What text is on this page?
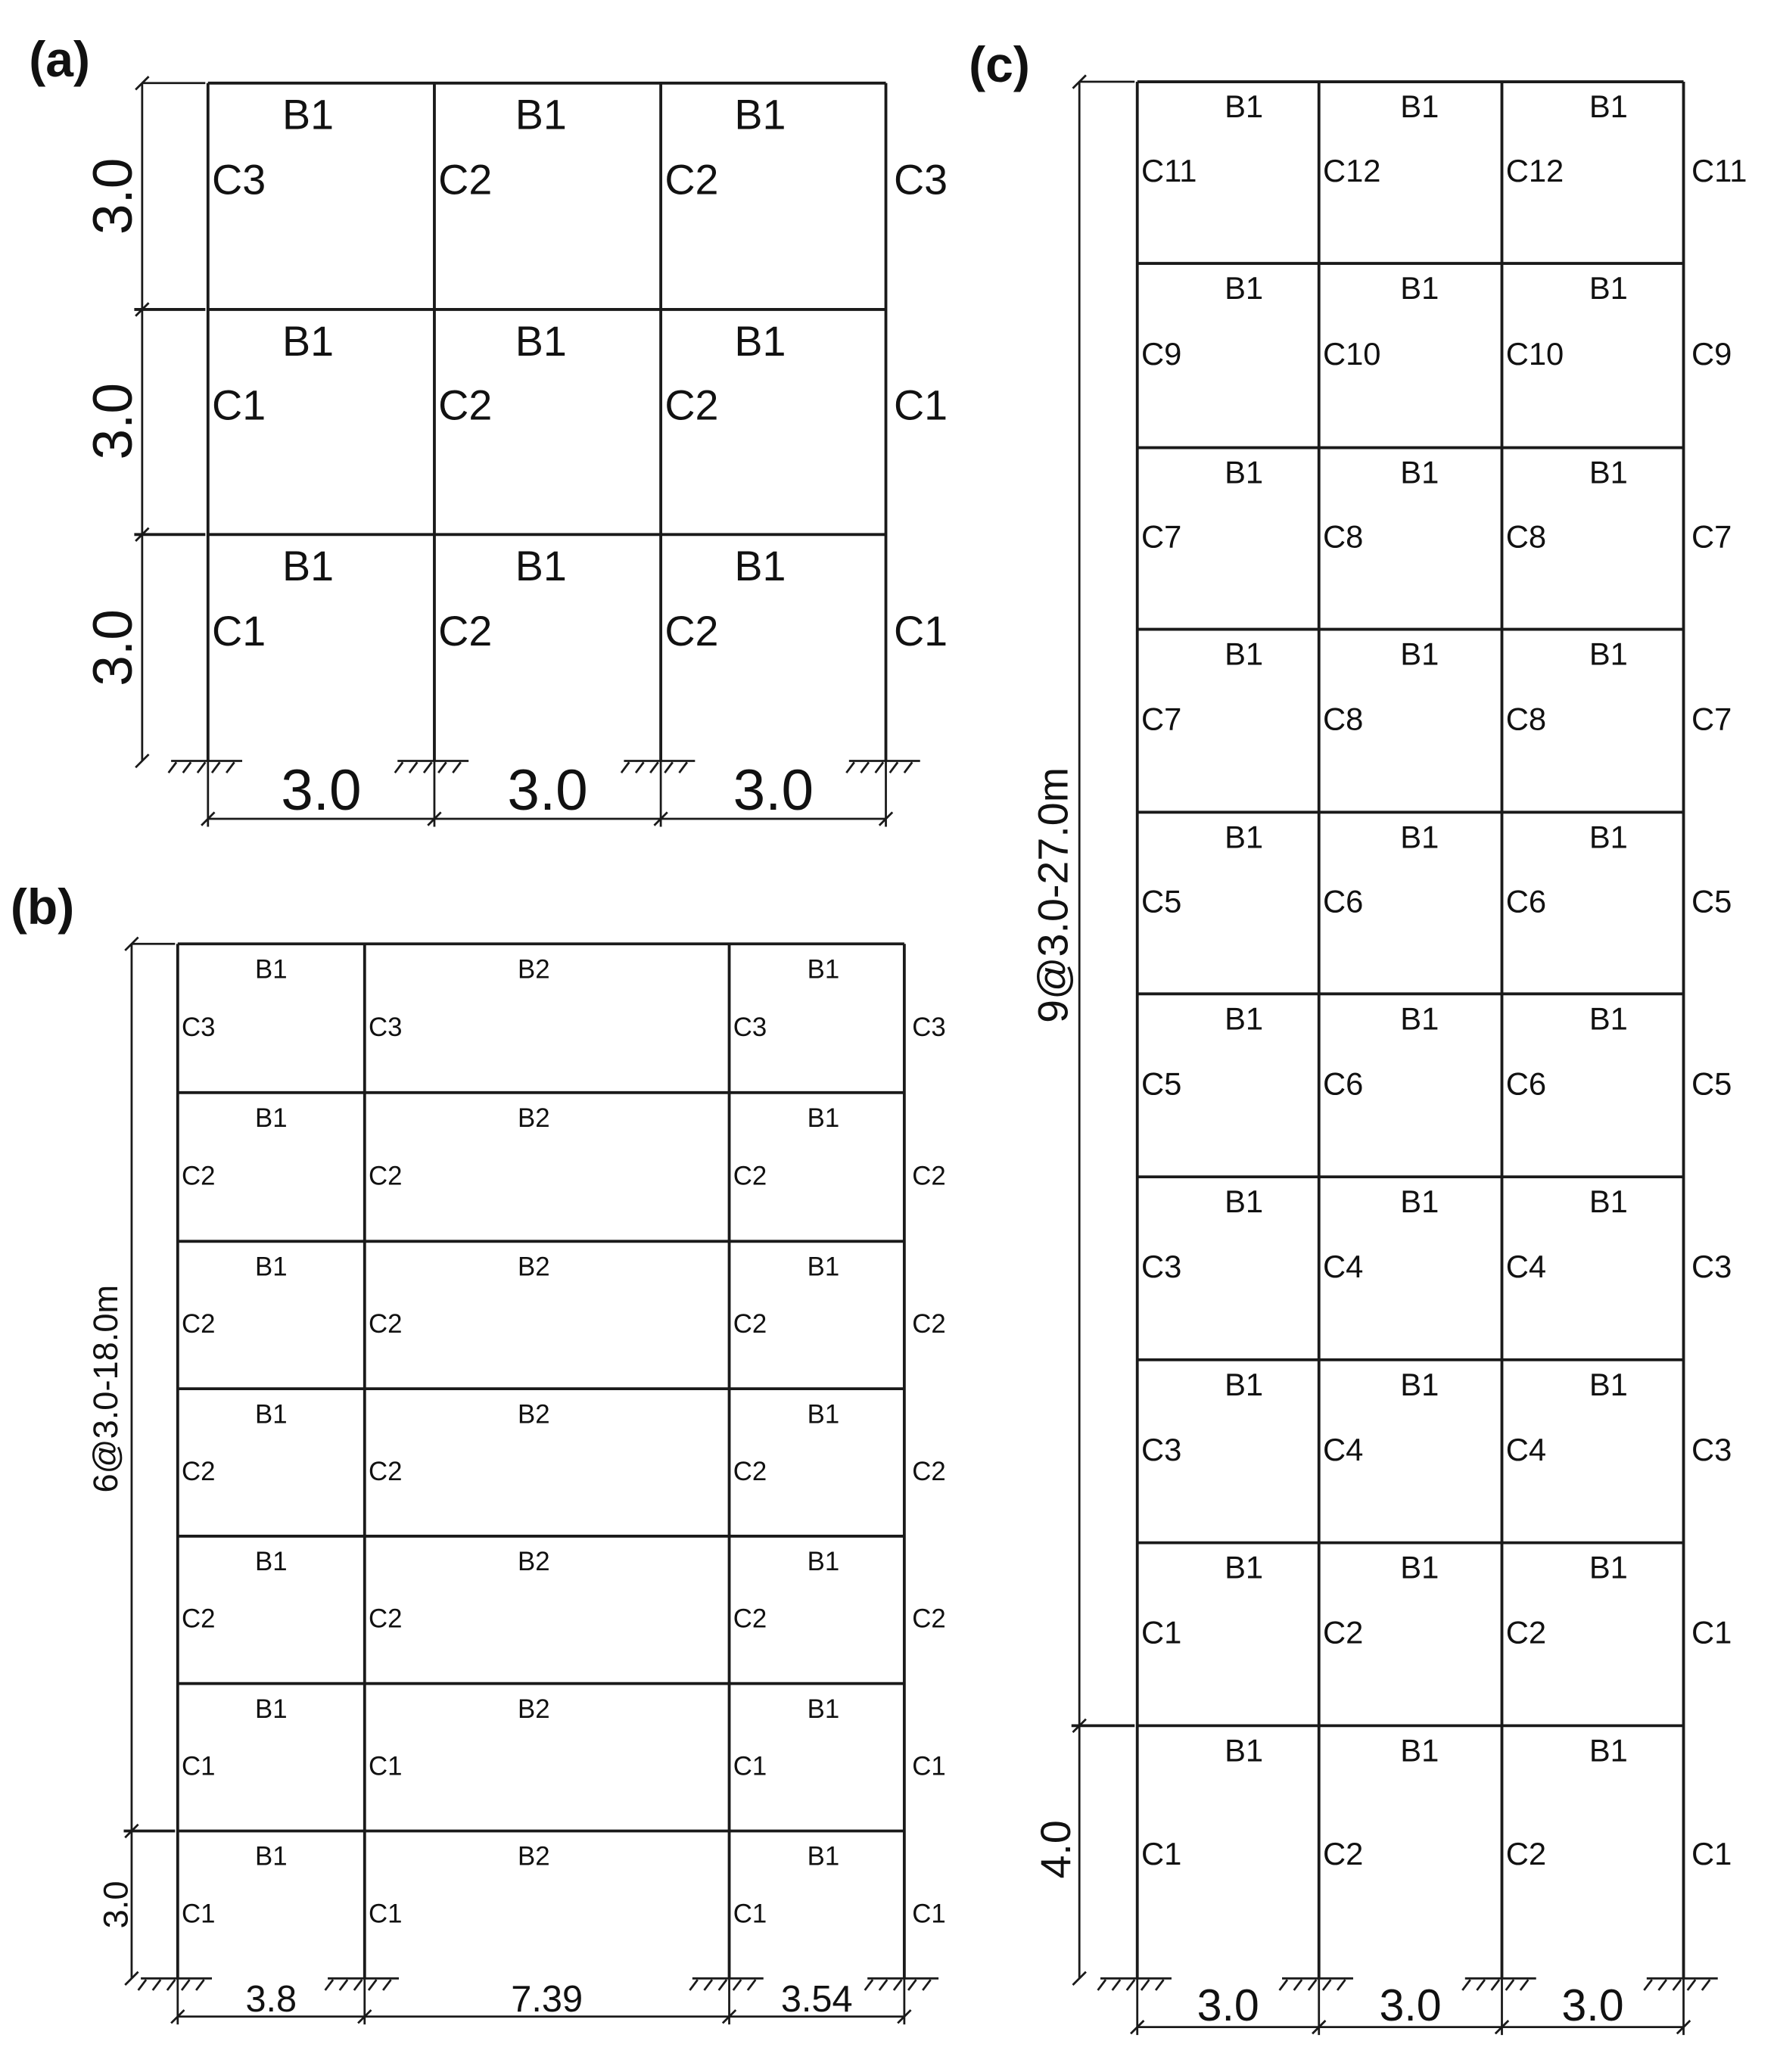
(a)
B1	B1	B1
C3	C2	C2	C3
B1	B1	B1
C1	C2	C2	C1
B1	B1	B1
C1	C2	C2	C1
3.0
3.0
3.0
3.0	3.0	3.0
(b)
B1	B2	B1
C3	C3	C3	C3
B1	B2	B1
C2	C2	C2	C2
B1	B2	B1
C2	C2	C2	C2
B1	B2	B1
C2	C2	C2	C2
B1	B2	B1
C2	C2	C2	C2
B1	B2	B1
C1	C1	C1	C1
B1	B2	B1
C1	C1	C1	C1
6@3.0-18.0m
3.0
3.8	7.39	3.54
(c)
B1	B1	B1
C11	C12	C12	C11
B1	B1	B1
C9	C10	C10	C9
B1	B1	B1
C7	C8	C8	C7
B1	B1	B1
C7	C8	C8	C7
B1	B1	B1
C5	C6	C6	C5
B1	B1	B1
C5	C6	C6	C5
B1	B1	B1
C3	C4	C4	C3
B1	B1	B1
C3	C4	C4	C3
B1	B1	B1
C1	C2	C2	C1
B1	B1	B1
C1	C2	C2	C1
9@3.0-27.0m
4.0
3.0	3.0	3.0
